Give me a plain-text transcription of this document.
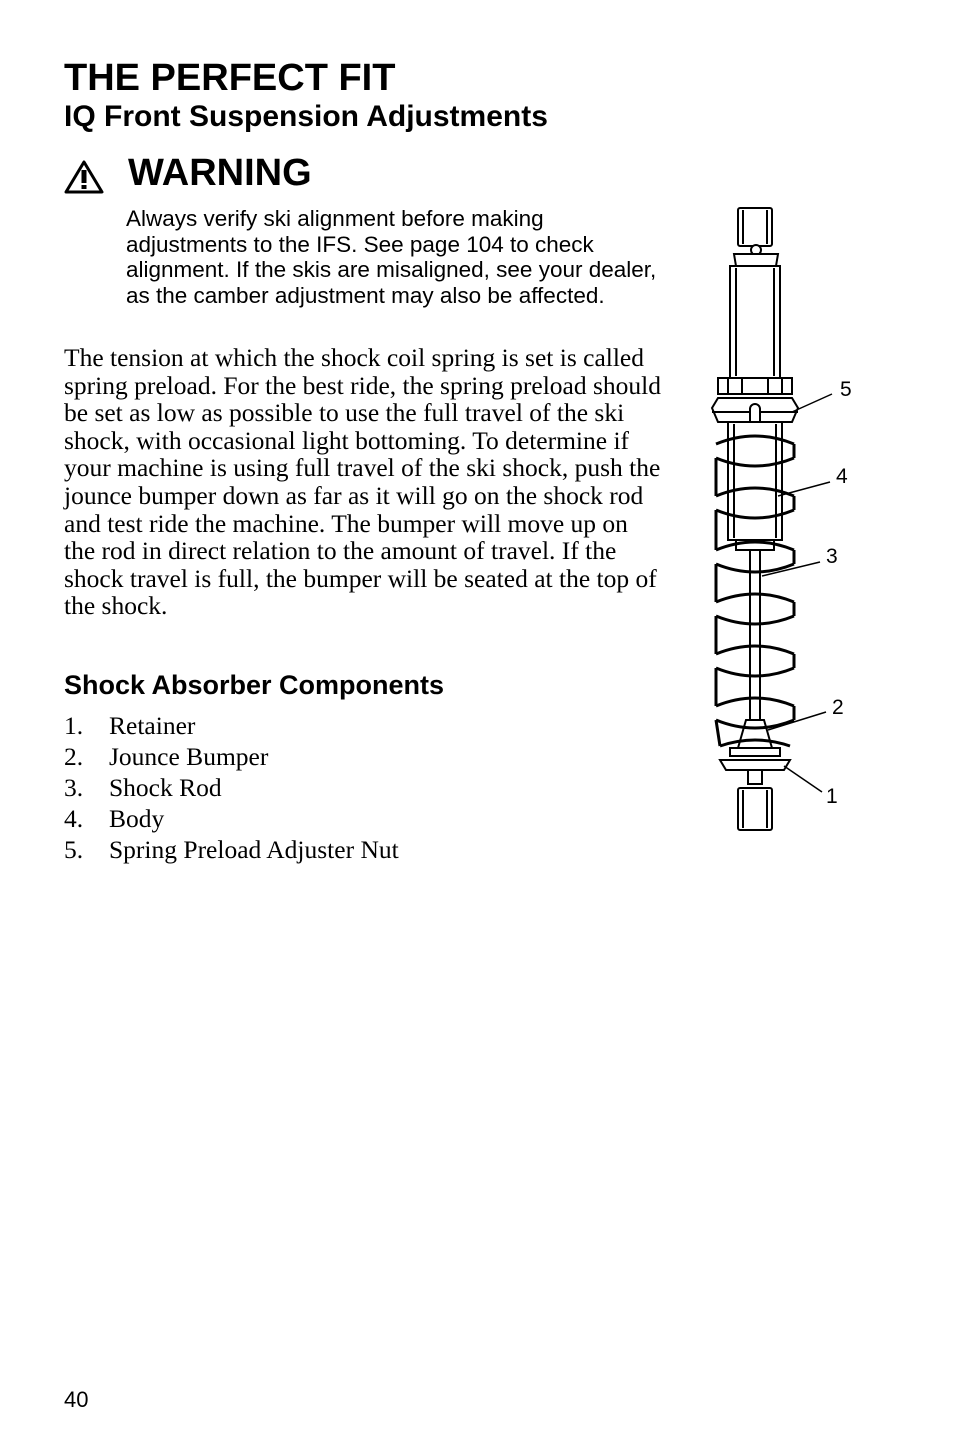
THE PERFECT FIT
IQ Front Suspension Adjustments
WARNING
Always verify ski alignment before making adjustments to the IFS. See page 104 to check alignment. If the skis are misaligned, see your dealer, as the camber adjustment may also be affected.
The tension at which the shock coil spring is set is called spring preload. For the best ride, the spring preload should be set as low as possible to use the full travel of the ski shock, with occasional light bottoming. To determine if your machine is using full travel of the ski shock, push the jounce bumper down as far as it will go on the shock rod and test ride the machine. The bumper will move up on the rod in direct relation to the amount of travel. If the shock travel is full, the bumper will be seated at the top of the shock.
Shock Absorber Components
1.	Retainer
2.	Jounce Bumper
3.	Shock Rod
4.	Body
5.	Spring Preload Adjuster Nut
5
4
3
2
1
40
